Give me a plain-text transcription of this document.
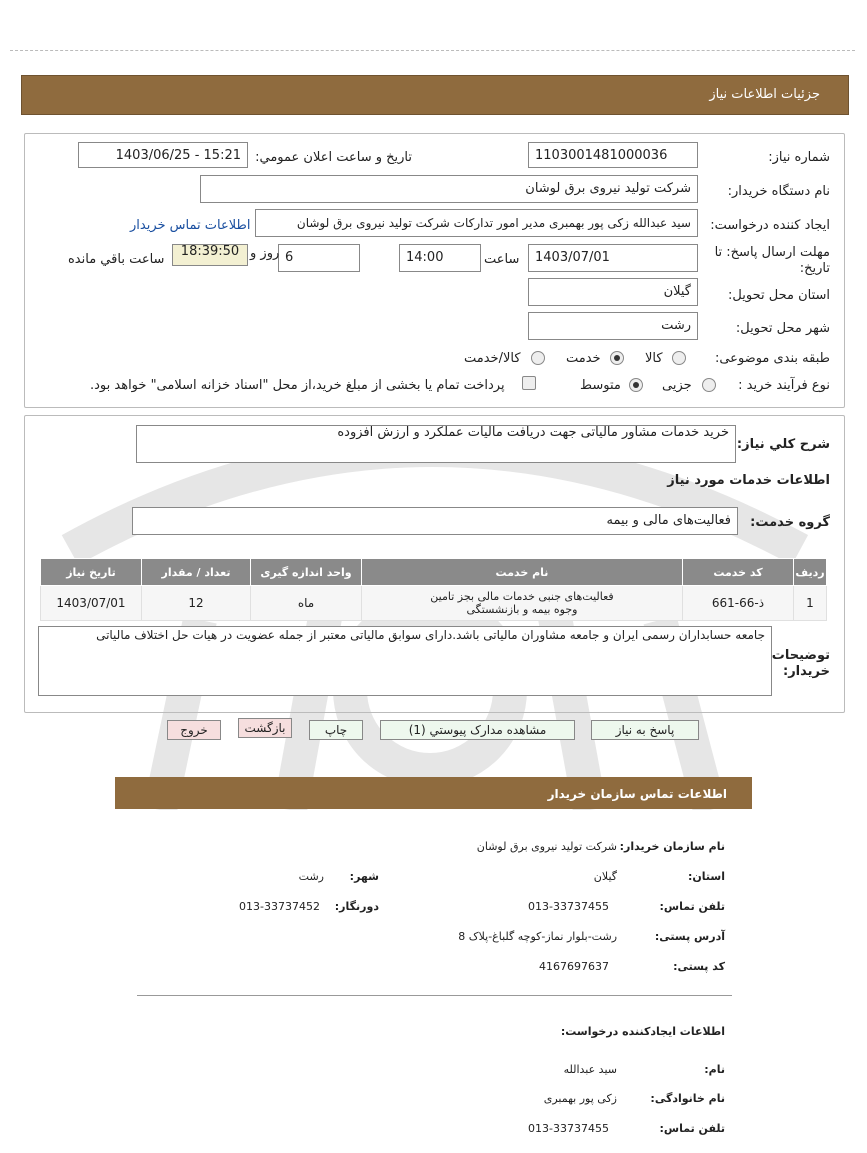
جزئيات اطلاعات نیاز
شماره نیاز:
1103001481000036
تاریخ و ساعت اعلان عمومي:
1403/06/25 - 15:21
نام دستگاه خريدار:
شرکت تولید نیروی برق لوشان
ايجاد کننده درخواست:
سید عبدالله زکی پور بهمبری مدیر امور تدارکات شرکت تولید نیروی برق لوشان
اطلاعات تماس خريدار
مهلت ارسال پاسخ: تا تاریخ:
1403/07/01
ساعت
14:00
6
روز و
18:39:50
ساعت باقي مانده
استان محل تحويل:
گیلان
شهر محل تحويل:
رشت
طبقه بندی موضوعی:
کالا
خدمت
کالا/خدمت
نوع فرآیند خرید :
جزیی
متوسط
پرداخت تمام یا بخشی از مبلغ خرید،از محل "اسناد خزانه اسلامی" خواهد بود.
شرح کلي نياز:
خرید خدمات مشاور مالیاتی جهت دریافت مالیات عملکرد و ارزش افزوده
اطلاعات خدمات مورد نياز
گروه خدمت:
فعالیت‌های مالی و بیمه
ردیف	کد خدمت	نام خدمت	واحد اندازه گیری	تعداد / مقدار	تاریخ نیاز
1	ذ-66-661	فعالیت‌های جنبی خدمات مالی بجز تامین وجوه بیمه و بازنشستگی	ماه	12	1403/07/01
توضیحات خریدار:
جامعه حسابداران رسمی ایران و جامعه مشاوران مالیاتی باشد.دارای سوابق مالیاتی معتبر از جمله عضویت در هیات حل اختلاف مالیاتی
پاسخ به نیاز
مشاهده مدارک پیوستي (1)
چاپ
بازگشت
خروج
اطلاعات تماس سازمان خریدار
نام سازمان خریدار:
شرکت تولید نیروی برق لوشان
استان:
گیلان
شهر:
رشت
تلفن تماس:
013-33737455
دورنگار:
013-33737452
آدرس پستی:
رشت-بلوار نماز-کوچه گلباغ-پلاک 8
کد پستی:
4167697637
اطلاعات ایجادکننده درخواست:
نام:
سید عبدالله
نام خانوادگی:
زکی پور بهمبری
تلفن تماس:
013-33737455
